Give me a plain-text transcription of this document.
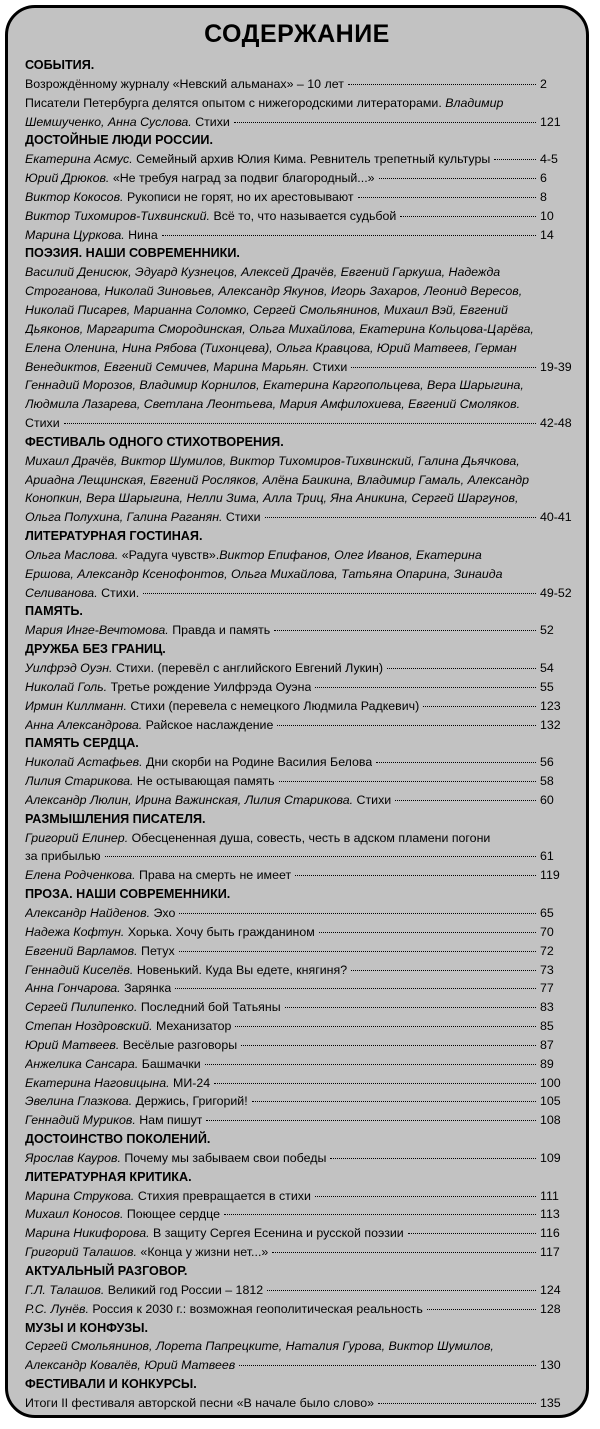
СОДЕРЖАНИЕ
СОБЫТИЯ.
Возрождённому журналу «Невский альманах» – 10 лет	2
Писатели Петербурга делятся опытом с нижегородскими литераторами. Владимир
Шемшученко, Анна Суслова. Стихи	121
ДОСТОЙНЫЕ ЛЮДИ РОССИИ.
Екатерина Асмус. Семейный архив Юлия Кима. Ревнитель трепетный культуры	4-5
Юрий Дрюков. «Не требуя наград за подвиг благородный...»	6
Виктор Кокосов. Рукописи не горят, но их арестовывают	8
Виктор Тихомиров-Тихвинский. Всё то, что называется судьбой	10
Марина Цуркова. Нина	14
ПОЭЗИЯ. НАШИ СОВРЕМЕННИКИ.
Василий Денисюк, Эдуард Кузнецов, Алексей Драчёв, Евгений Гаркуша, Надежда
Строганова, Николай Зиновьев, Александр Якунов, Игорь Захаров, Леонид Вересов,
Николай Писарев, Марианна Соломко, Сергей Смольянинов, Михаил Вэй, Евгений
Дьяконов, Маргарита Смородинская, Ольга Михайлова, Екатерина Кольцова-Царёва,
Елена Оленина, Нина Рябова (Тихонцева), Ольга Кравцова, Юрий Матвеев, Герман
Венедиктов, Евгений Семичев, Марина Марьян. Стихи	19-39
Геннадий Морозов, Владимир Корнилов, Екатерина Каргопольцева, Вера Шарыгина,
Людмила Лазарева, Светлана Леонтьева, Мария Амфилохиева, Евгений Смоляков.
Стихи	42-48
ФЕСТИВАЛЬ ОДНОГО СТИХОТВОРЕНИЯ.
Михаил Драчёв, Виктор Шумилов, Виктор Тихомиров-Тихвинский, Галина Дьячкова,
Ариадна Лещинская, Евгений Росляков, Алёна Баикина, Владимир Гамаль, Александр
Конопкин, Вера Шарыгина, Нелли Зима, Алла Триц, Яна Аникина, Сергей Шаргунов,
Ольга Полухина, Галина Раганян. Стихи	40-41
ЛИТЕРАТУРНАЯ ГОСТИНАЯ.
Ольга Маслова. «Радуга чувств».Виктор Епифанов, Олег Иванов, Екатерина
Ершова, Александр Ксенофонтов, Ольга Михайлова, Татьяна Опарина, Зинаида
Селиванова. Стихи.	49-52
ПАМЯТЬ.
Мария Инге-Вечтомова. Правда и память	52
ДРУЖБА БЕЗ ГРАНИЦ.
Уилфрэд Оуэн. Стихи. (перевёл с английского Евгений Лукин)	54
Николай Голь. Третье рождение Уилфрэда Оуэна	55
Ирмин Киллманн. Стихи (перевела с немецкого Людмила Радкевич)	123
Анна Александрова. Райское наслаждение	132
ПАМЯТЬ СЕРДЦА.
Николай Астафьев. Дни скорби на Родине Василия Белова	56
Лилия Старикова. Не остывающая память	58
Александр Люлин, Ирина Важинская, Лилия Старикова. Стихи	60
РАЗМЫШЛЕНИЯ ПИСАТЕЛЯ.
Григорий Елинер. Обесцененная душа, совесть, честь в адском пламени погони
за прибылью	61
Елена Родченкова. Права на смерть не имеет	119
ПРОЗА. НАШИ СОВРЕМЕННИКИ.
Александр Найденов. Эхо	65
Надежа Кофтун. Хорька. Хочу быть гражданином	70
Евгений Варламов. Петух	72
Геннадий Киселёв. Новенький. Куда Вы едете, княгиня?	73
Анна Гончарова. Зарянка	77
Сергей Пилипенко. Последний бой Татьяны	83
Степан Ноздровский. Механизатор	85
Юрий Матвеев. Весёлые разговоры	87
Анжелика Сансара. Башмачки	89
Екатерина Наговицына. МИ-24	100
Эвелина Глазкова. Держись, Григорий!	105
Геннадий Муриков. Нам пишут	108
ДОСТОИНСТВО ПОКОЛЕНИЙ.
Ярослав Кауров. Почему мы забываем свои победы	109
ЛИТЕРАТУРНАЯ КРИТИКА.
Марина Струкова. Стихия превращается в стихи	111
Михаил Коносов. Поющее сердце	113
Марина Никифорова. В защиту Сергея Есенина и русской поэзии	116
Григорий Талашов. «Конца у жизни нет...»	117
АКТУАЛЬНЫЙ РАЗГОВОР.
Г.Л. Талашов. Великий год России – 1812	124
Р.С. Лунёв. Россия к 2030 г.: возможная геополитическая реальность	128
МУЗЫ И КОНФУЗЫ.
Сергей Смольянинов, Лорета Папрецките, Наталия Гурова, Виктор Шумилов,
Александр Ковалёв, Юрий Матвеев	130
ФЕСТИВАЛИ И КОНКУРСЫ.
Итоги II фестиваля авторской песни «В начале было слово»	135
